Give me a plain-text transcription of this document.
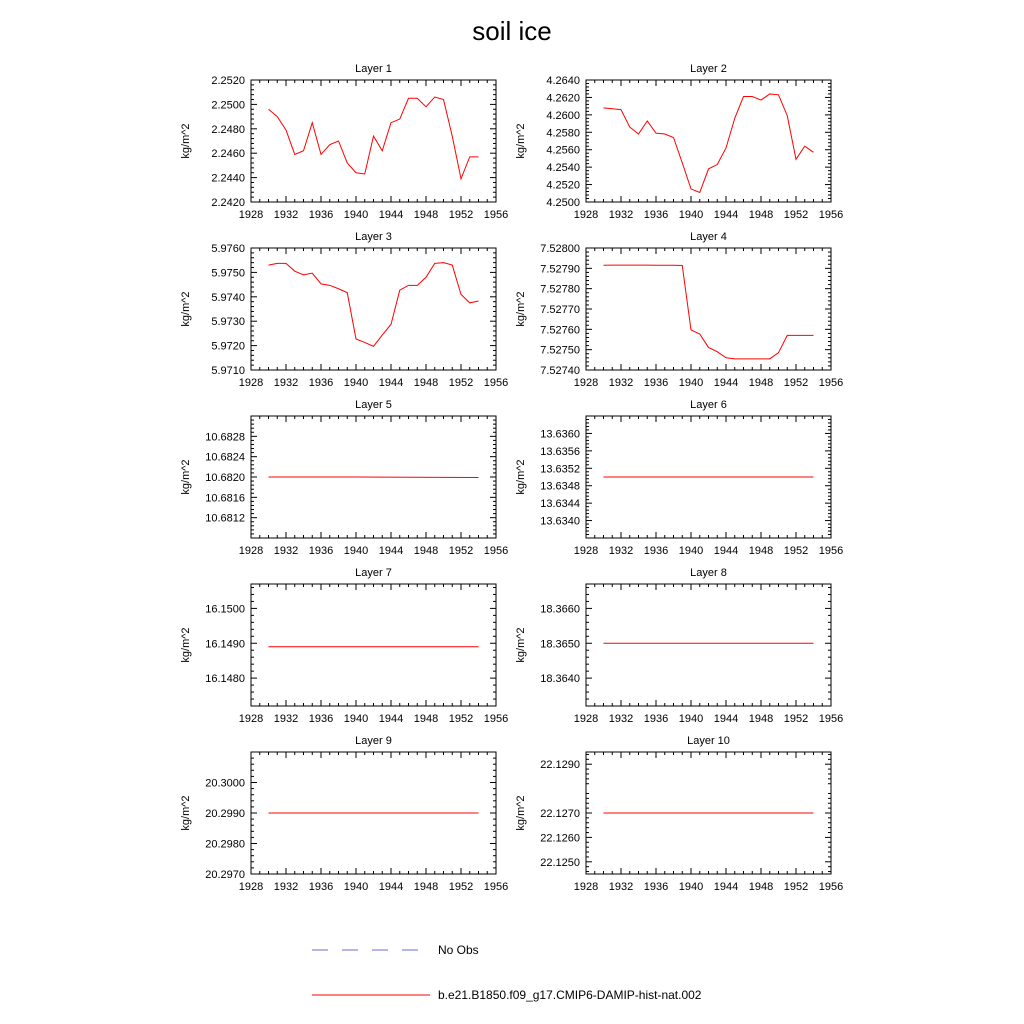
soil ice
Layer 1
kg/m^2
1928 1932 1936 1940 1944 1948 1952 1956
2.2420
2.2440
2.2460
2.2480
2.2500
2.2520
Layer 2
kg/m^2
1928 1932 1936 1940 1944 1948 1952 1956
4.2500
4.2520
4.2540
4.2560
4.2580
4.2600
4.2620
4.2640
Layer 3
kg/m^2
1928 1932 1936 1940 1944 1948 1952 1956
5.9710
5.9720
5.9730
5.9740
5.9750
5.9760
Layer 4
kg/m^2
1928 1932 1936 1940 1944 1948 1952 1956
7.52740
7.52750
7.52760
7.52770
7.52780
7.52790
7.52800
Layer 5
kg/m^2
1928 1932 1936 1940 1944 1948 1952 1956
10.6812
10.6816
10.6820
10.6824
10.6828
Layer 6
kg/m^2
1928 1932 1936 1940 1944 1948 1952 1956
13.6340
13.6344
13.6348
13.6352
13.6356
13.6360
Layer 7
kg/m^2
1928 1932 1936 1940 1944 1948 1952 1956
16.1480
16.1490
16.1500
Layer 8
kg/m^2
1928 1932 1936 1940 1944 1948 1952 1956
18.3640
18.3650
18.3660
Layer 9
kg/m^2
1928 1932 1936 1940 1944 1948 1952 1956
20.2970
20.2980
20.2990
20.3000
Layer 10
kg/m^2
1928 1932 1936 1940 1944 1948 1952 1956
22.1250
22.1260
22.1270
22.1290
No Obs
b.e21.B1850.f09_g17.CMIP6-DAMIP-hist-nat.002
